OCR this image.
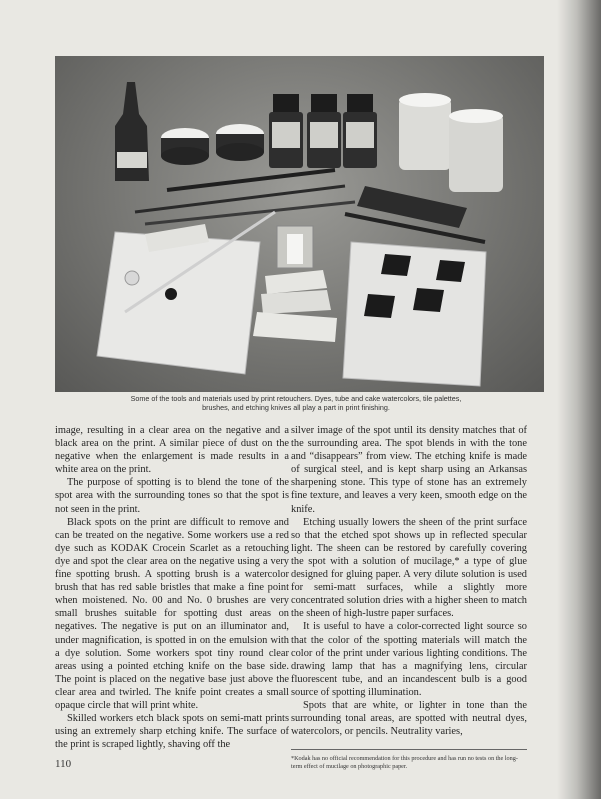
Some of the tools and materials used by print retouchers. Dyes, tube and cake watercolors, tile palettes, brushes, and etching knives all play a part in print finishing.

image, resulting in a clear area on the negative and a black area on the print. A similar piece of dust on the negative when the enlargement is made results in a white area on the print.

The purpose of spotting is to blend the tone of the spot area with the surrounding tones so that the spot is not seen in the print.

Black spots on the print are difficult to remove and can be treated on the negative. Some workers use a red dye such as KODAK Crocein Scarlet as a retouching dye and spot the clear area on the negative using a very fine spotting brush. A spotting brush is a watercolor brush that has red sable bristles that make a fine point when moistened. No. 00 and No. 0 brushes are very small brushes suitable for spotting dust areas on negatives. The negative is put on an illuminator and, under magnification, is spotted in on the emulsion with a dye solution. Some workers spot tiny round clear areas using a pointed etching knife on the base side. The point is placed on the negative base just above the clear area and twirled. The knife point creates a small opaque circle that will print white.

Skilled workers etch black spots on semi-matt prints using an extremely sharp etching knife. The surface of the print is scraped lightly, shaving off the

silver image of the spot until its density matches that of the surrounding area. The spot blends in with the tone and “disappears” from view. The etching knife is made of surgical steel, and is kept sharp using an Arkansas sharpening stone. This type of stone has an extremely fine texture, and leaves a very keen, smooth edge on the knife.

Etching usually lowers the sheen of the print surface so that the etched spot shows up in reflected specular light. The sheen can be restored by carefully covering the spot with a solution of mucilage,* a type of glue designed for gluing paper. A very dilute solution is used for semi-matt surfaces, while a slightly more concentrated solution dries with a higher sheen to match the sheen of high-lustre paper surfaces.

It is useful to have a color-corrected light source so that the color of the spotting materials will match the color of the print under various lighting conditions. The drawing lamp that has a magnifying lens, circular fluorescent tube, and an incandescent bulb is a good source of spotting illumination.

Spots that are white, or lighter in tone than the surrounding tonal areas, are spotted with neutral dyes, watercolors, or pencils. Neutrality varies,

*Kodak has no official recommendation for this procedure and has run no tests on the long-term effect of mucilage on photographic paper.
110
